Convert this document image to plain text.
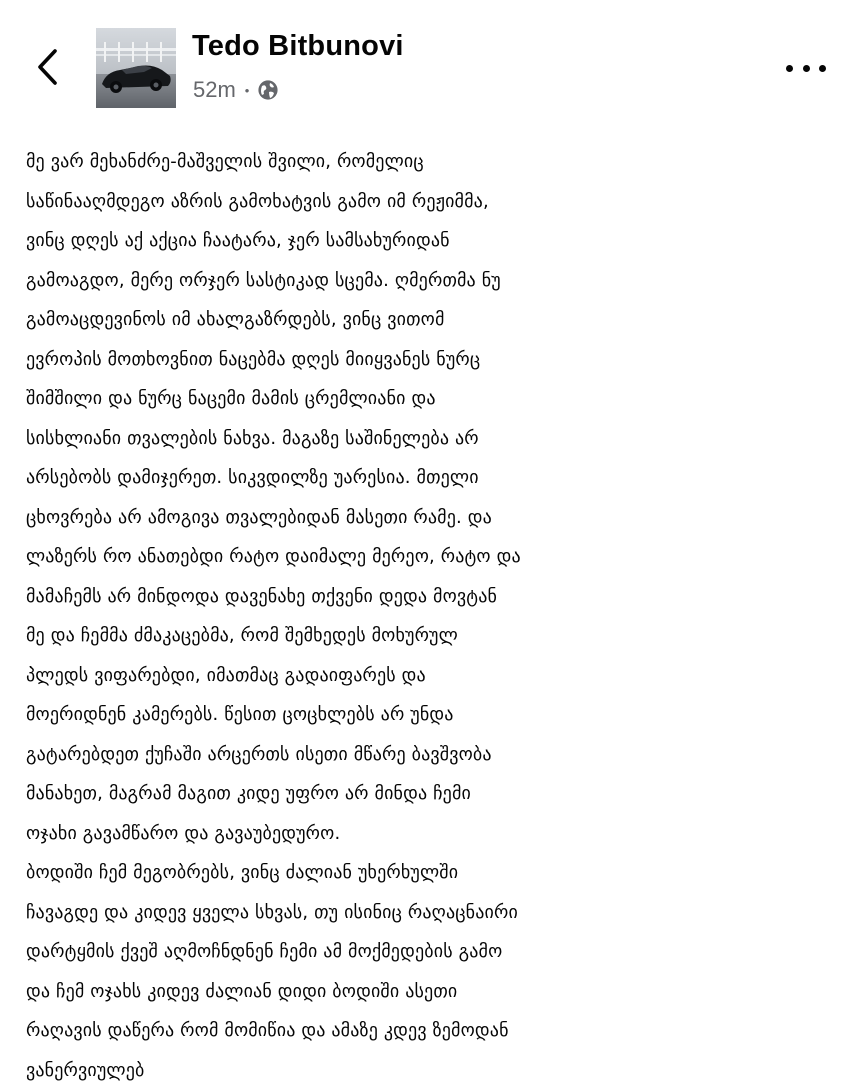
Tedo Bitbunovi
52m •
მე ვარ მეხანძრე-მაშველის შვილი, რომელიც
საწინააღმდეგო აზრის გამოხატვის გამო იმ რეჟიმმა,
ვინც დღეს აქ აქცია ჩაატარა, ჯერ სამსახურიდან
გამოაგდო, მერე ორჯერ სასტიკად სცემა. ღმერთმა ნუ
გამოაცდევინოს იმ ახალგაზრდებს, ვინც ვითომ
ევროპის მოთხოვნით ნაცებმა დღეს მიიყვანეს ნურც
შიმშილი და ნურც ნაცემი მამის ცრემლიანი და
სისხლიანი თვალების ნახვა. მაგაზე საშინელება არ
არსებობს დამიჯერეთ. სიკვდილზე უარესია. მთელი
ცხოვრება არ ამოგივა თვალებიდან მასეთი რამე. და
ლაზერს რო ანათებდი რატო დაიმალე მერეო, რატო და
მამაჩემს არ მინდოდა დავენახე თქვენი დედა მოვტან
მე და ჩემმა ძმაკაცებმა, რომ შემხედეს მოხურულ
პლედს ვიფარებდი, იმათმაც გადაიფარეს და
მოერიდნენ კამერებს. წესით ცოცხლებს არ უნდა
გატარებდეთ ქუჩაში არცერთს ისეთი მწარე ბავშვობა
მანახეთ, მაგრამ მაგით კიდე უფრო არ მინდა ჩემი
ოჯახი გავამწარო და გავაუბედურო.
ბოდიში ჩემ მეგობრებს, ვინც ძალიან უხერხულში
ჩავაგდე და კიდევ ყველა სხვას, თუ ისინიც რაღაცნაირი
დარტყმის ქვეშ აღმოჩნდნენ ჩემი ამ მოქმედების გამო
და ჩემ ოჯახს კიდევ ძალიან დიდი ბოდიში ასეთი
რაღავის დაწერა რომ მომიწია და ამაზე კდევ ზემოდან
ვანერვიულებ
